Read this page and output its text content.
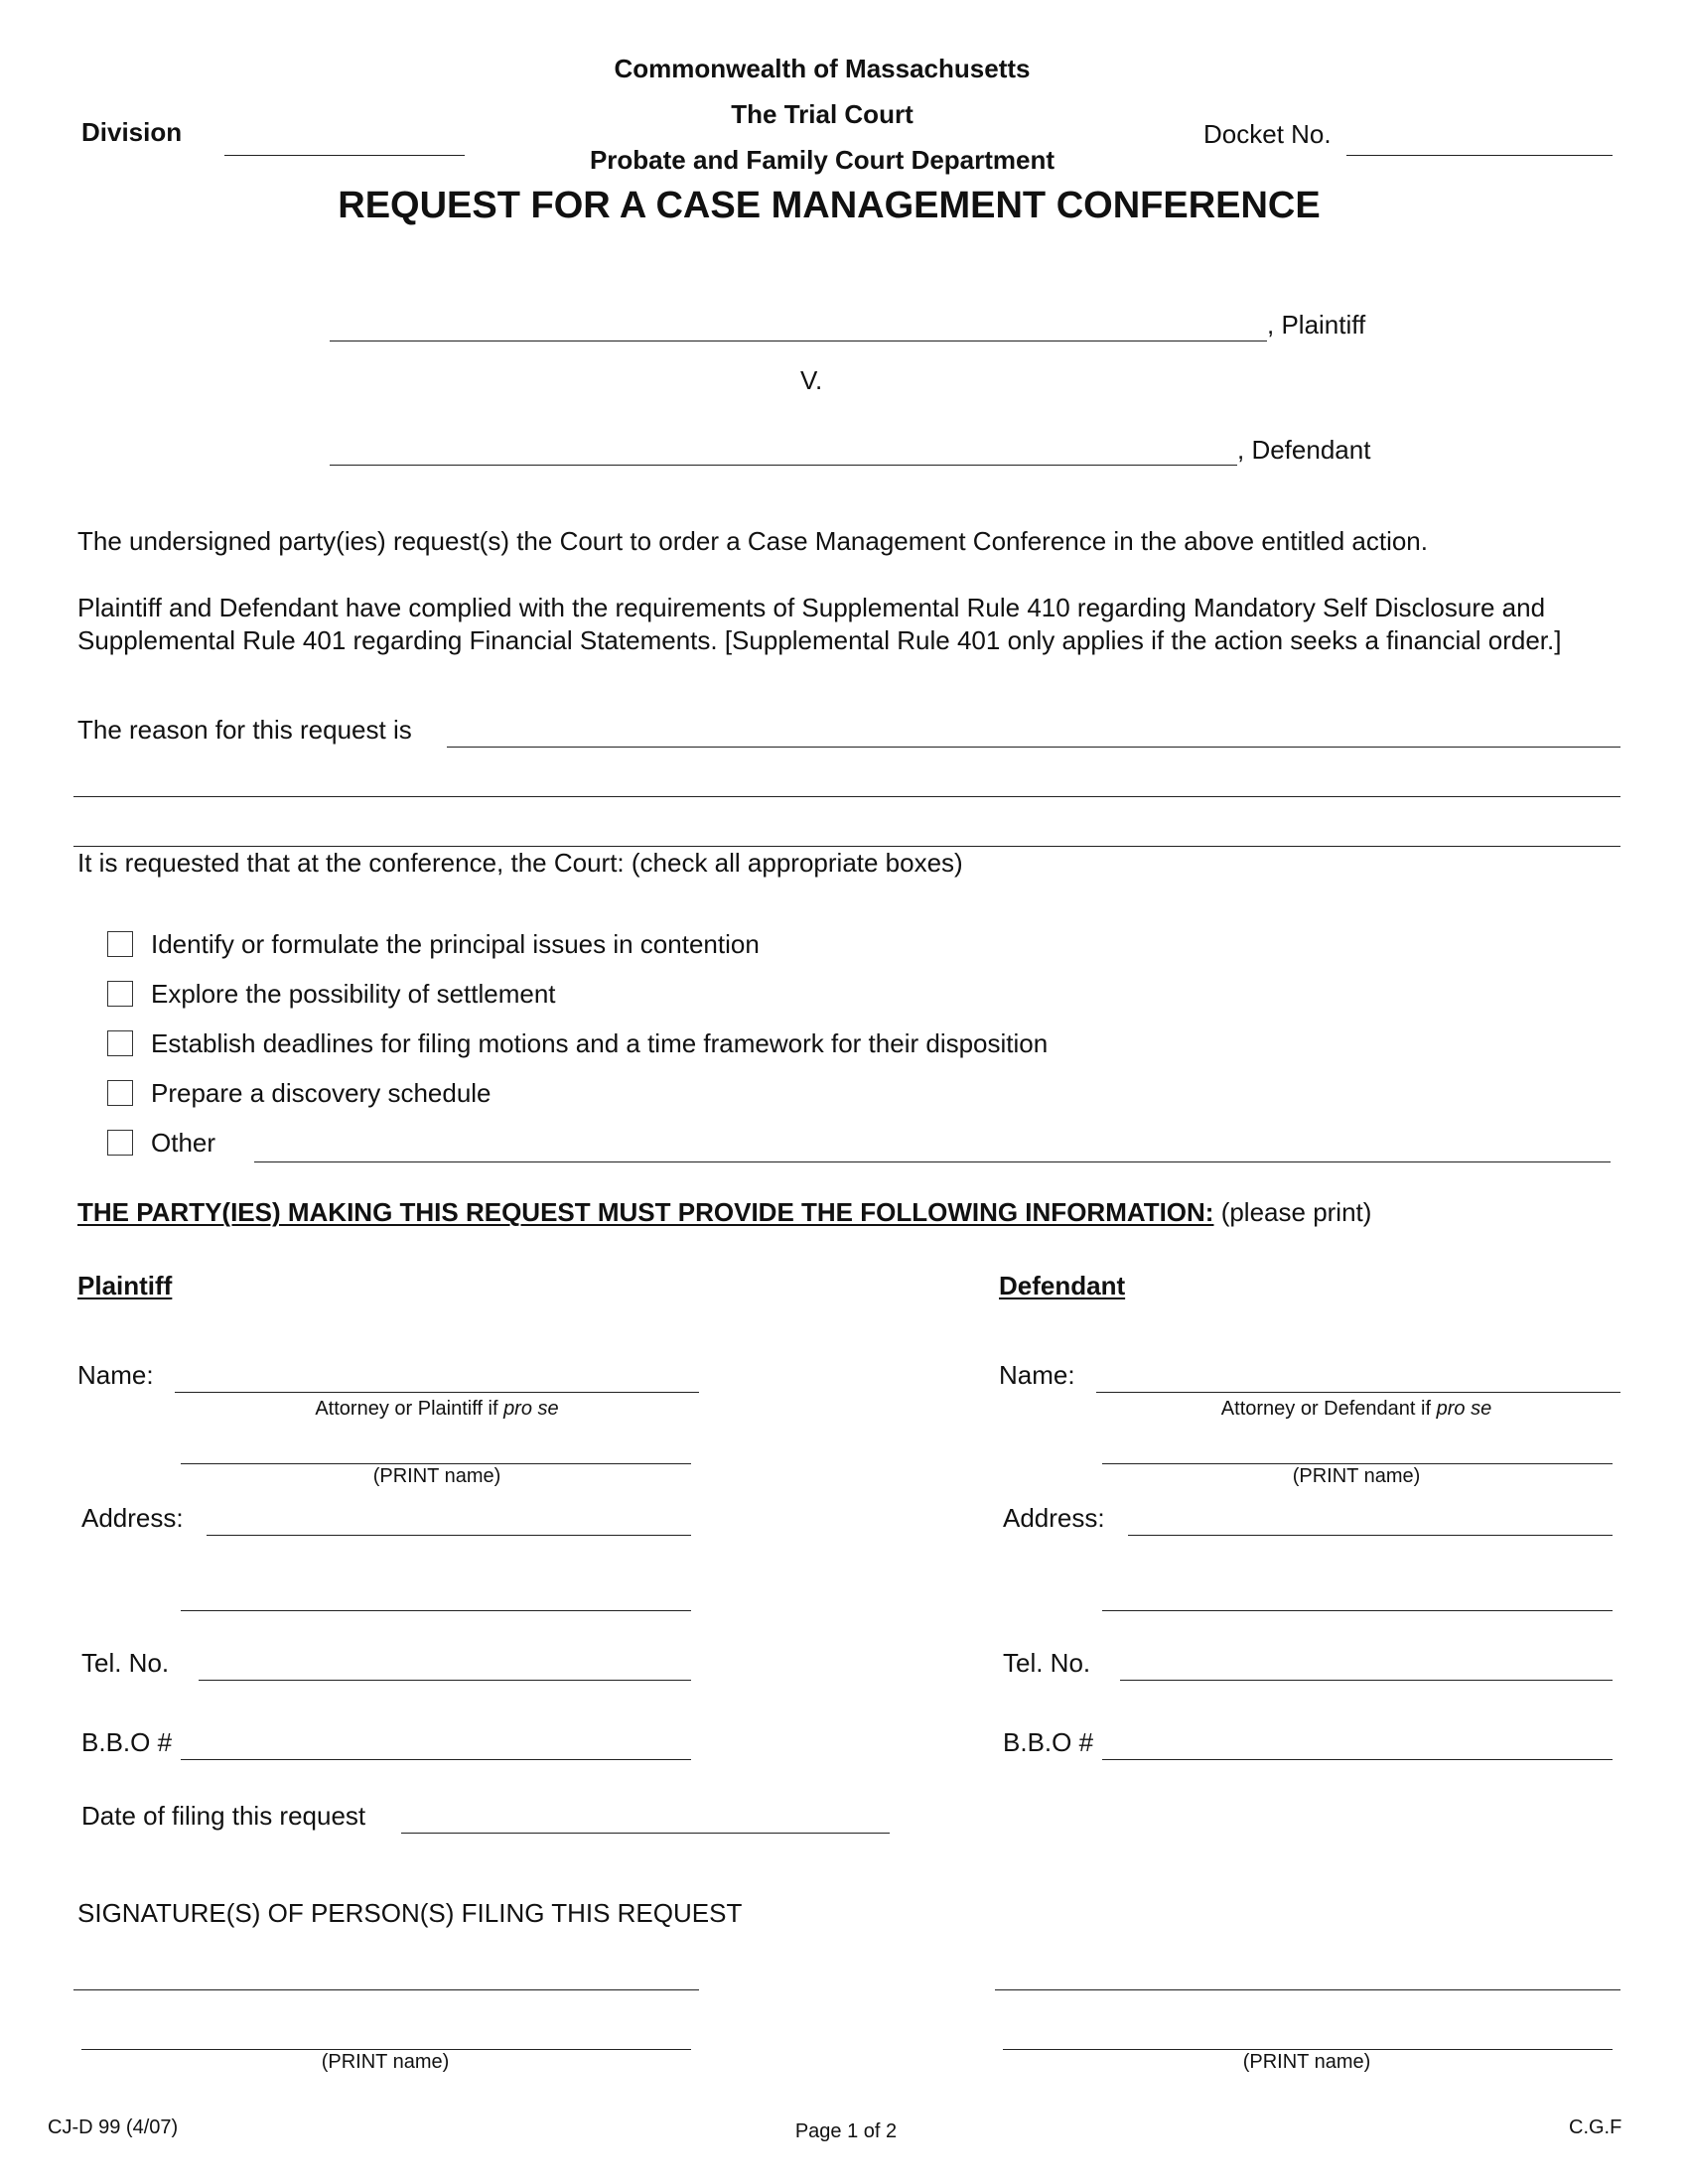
Commonwealth of Massachusetts
The Trial Court
Probate and Family Court Department
Division	Docket No.
REQUEST FOR A CASE MANAGEMENT CONFERENCE
, Plaintiff
V.
, Defendant
The undersigned party(ies) request(s) the Court to order a Case Management Conference in the above entitled action.
Plaintiff and Defendant have complied with the requirements of Supplemental Rule 410 regarding Mandatory Self Disclosure and Supplemental Rule 401 regarding Financial Statements. [Supplemental Rule 401 only applies if the action seeks a financial order.]
The reason for this request is
It is requested that at the conference, the Court: (check all appropriate boxes)
Identify or formulate the principal issues in contention
Explore the possibility of settlement
Establish deadlines for filing motions and a time framework for their disposition
Prepare a discovery schedule
Other
THE PARTY(IES) MAKING THIS REQUEST MUST PROVIDE THE FOLLOWING INFORMATION: (please print)
Plaintiff
Name:
Attorney or Plaintiff if pro se
(PRINT name)
Address:
Tel. No.
B.B.O #
Defendant
Name:
Attorney or Defendant if pro se
(PRINT name)
Address:
Tel. No.
B.B.O #
Date of filing this request
SIGNATURE(S) OF PERSON(S) FILING THIS REQUEST
(PRINT name)	(PRINT name)
CJ-D 99 (4/07)	Page 1 of 2	C.G.F
